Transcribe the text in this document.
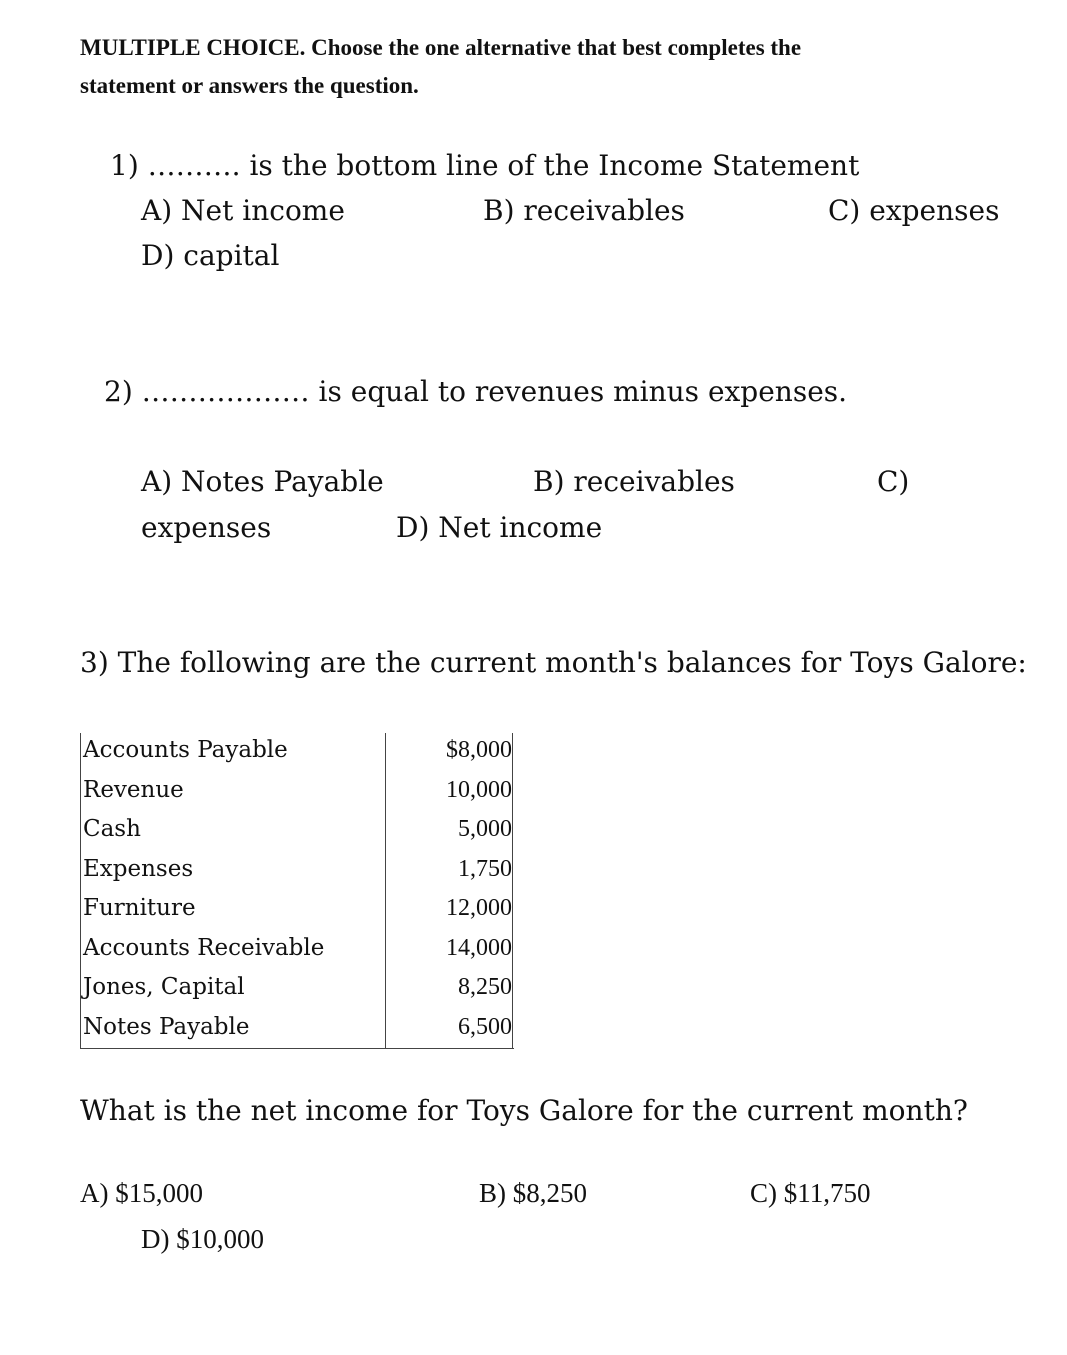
MULTIPLE CHOICE. Choose the one alternative that best completes the
statement or answers the question.
1) ………. is the bottom line of the Income Statement
A) Net income	B) receivables	C) expenses
D) capital
2) ……………… is equal to revenues minus expenses.
A) Notes Payable	B) receivables	C)
expenses	D) Net income
3) The following are the current month's balances for Toys Galore:
Accounts Payable	$8,000
Revenue	10,000
Cash	5,000
Expenses	1,750
Furniture	12,000
Accounts Receivable	14,000
Jones, Capital	8,250
Notes Payable	6,500
What is the net income for Toys Galore for the current month?
A) $15,000	B) $8,250	C) $11,750
D) $10,000
